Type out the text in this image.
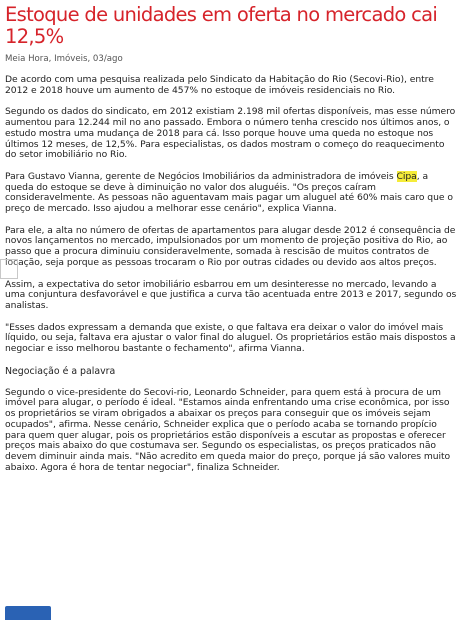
Estoque de unidades em oferta no mercado cai 12,5%
Meia Hora, Imóveis, 03/ago

De acordo com uma pesquisa realizada pelo Sindicato da Habitação do Rio (Secovi-Rio), entre 2012 e 2018 houve um aumento de 457% no estoque de imóveis residenciais no Rio.

Segundo os dados do sindicato, em 2012 existiam 2.198 mil ofertas disponíveis, mas esse número aumentou para 12.244 mil no ano passado. Embora o número tenha crescido nos últimos anos, o estudo mostra uma mudança de 2018 para cá. Isso porque houve uma queda no estoque nos últimos 12 meses, de 12,5%. Para especialistas, os dados mostram o começo do reaquecimento do setor imobiliário no Rio.

Para Gustavo Vianna, gerente de Negócios Imobiliários da administradora de imóveis Cipa, a queda do estoque se deve à diminuição no valor dos aluguéis. "Os preços caíram consideravelmente. As pessoas não aguentavam mais pagar um aluguel até 60% mais caro que o preço de mercado. Isso ajudou a melhorar esse cenário", explica Vianna.

Para ele, a alta no número de ofertas de apartamentos para alugar desde 2012 é consequência de novos lançamentos no mercado, impulsionados por um momento de projeção positiva do Rio, ao passo que a procura diminuiu consideravelmente, somada à rescisão de muitos contratos de locação, seja porque as pessoas trocaram o Rio por outras cidades ou devido aos altos preços.

Assim, a expectativa do setor imobiliário esbarrou em um desinteresse no mercado, levando a uma conjuntura desfavorável e que justifica a curva tão acentuada entre 2013 e 2017, segundo os analistas.

"Esses dados expressam a demanda que existe, o que faltava era deixar o valor do imóvel mais líquido, ou seja, faltava era ajustar o valor final do aluguel. Os proprietários estão mais dispostos a negociar e isso melhorou bastante o fechamento", afirma Vianna.

Negociação é a palavra

Segundo o vice-presidente do Secovi-rio, Leonardo Schneider, para quem está à procura de um imóvel para alugar, o período é ideal. "Estamos ainda enfrentando uma crise econômica, por isso os proprietários se viram obrigados a abaixar os preços para conseguir que os imóveis sejam ocupados", afirma. Nesse cenário, Schneider explica que o período acaba se tornando propício para quem quer alugar, pois os proprietários estão disponíveis a escutar as propostas e oferecer preços mais abaixo do que costumava ser. Segundo os especialistas, os preços praticados não devem diminuir ainda mais. "Não acredito em queda maior do preço, porque já são valores muito abaixo. Agora é hora de tentar negociar", finaliza Schneider.
